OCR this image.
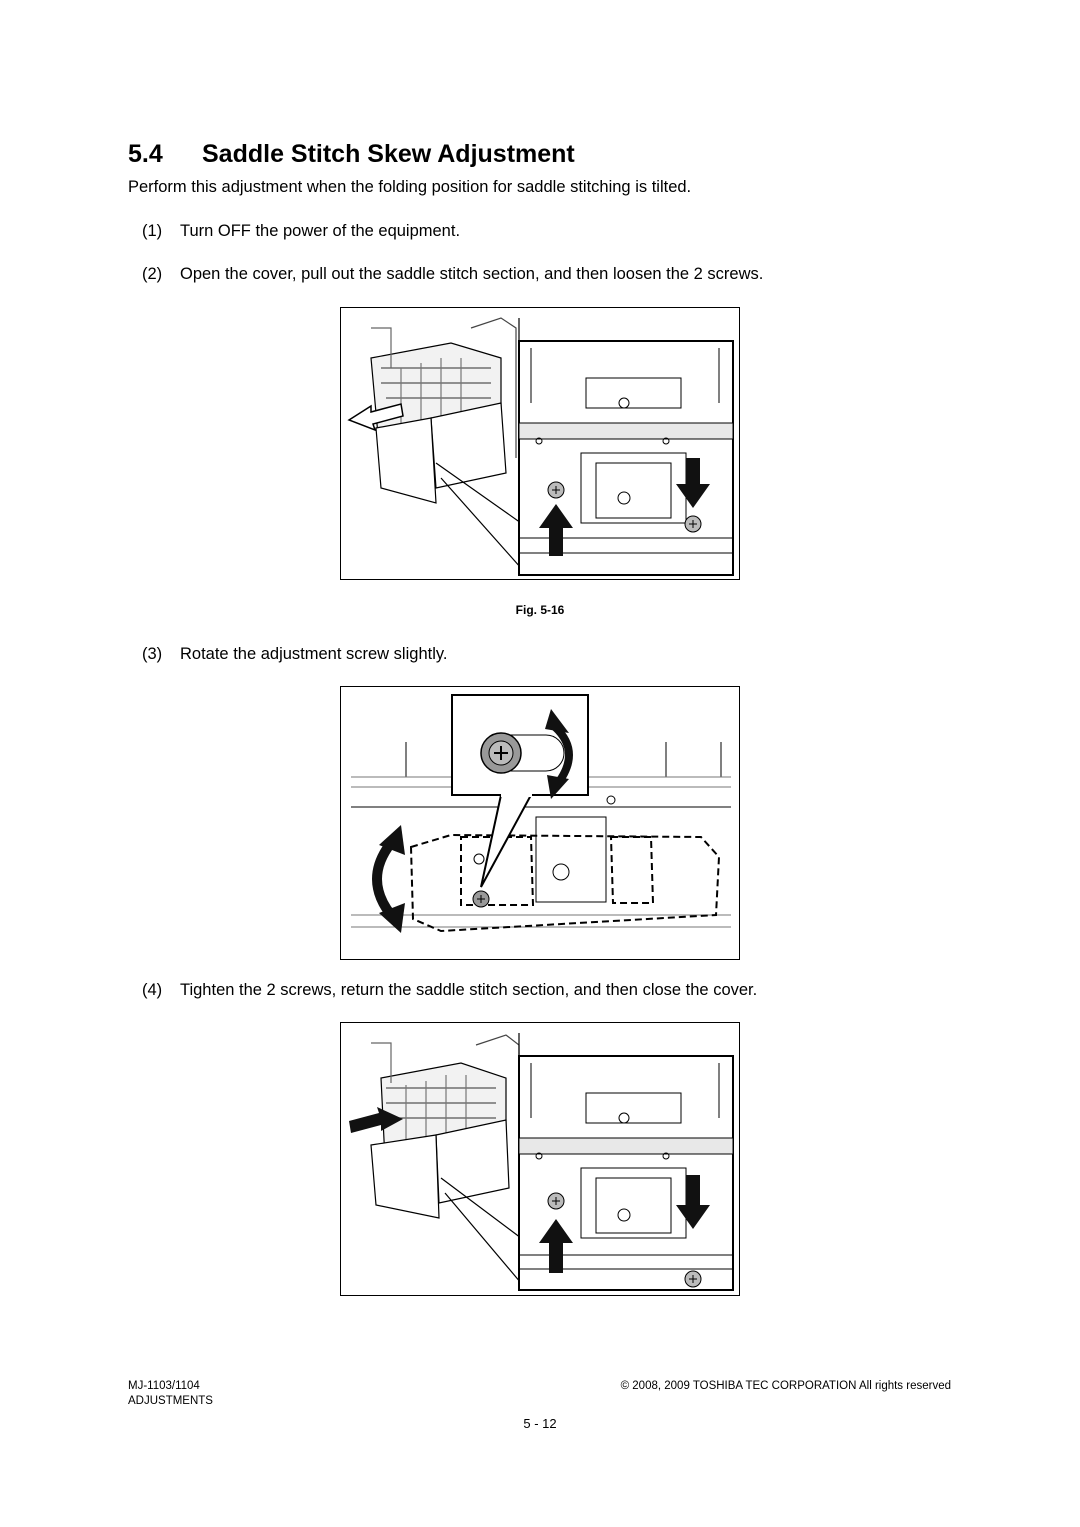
5.4 Saddle Stitch Skew Adjustment
Perform this adjustment when the folding position for saddle stitching is tilted.
(1) Turn OFF the power of the equipment.
(2) Open the cover, pull out the saddle stitch section, and then loosen the 2 screws.
Fig. 5-16
(3) Rotate the adjustment screw slightly.
(4) Tighten the 2 screws, return the saddle stitch section, and then close the cover.
MJ-1103/1104
ADJUSTMENTS
© 2008, 2009 TOSHIBA TEC CORPORATION All rights reserved
5 - 12
